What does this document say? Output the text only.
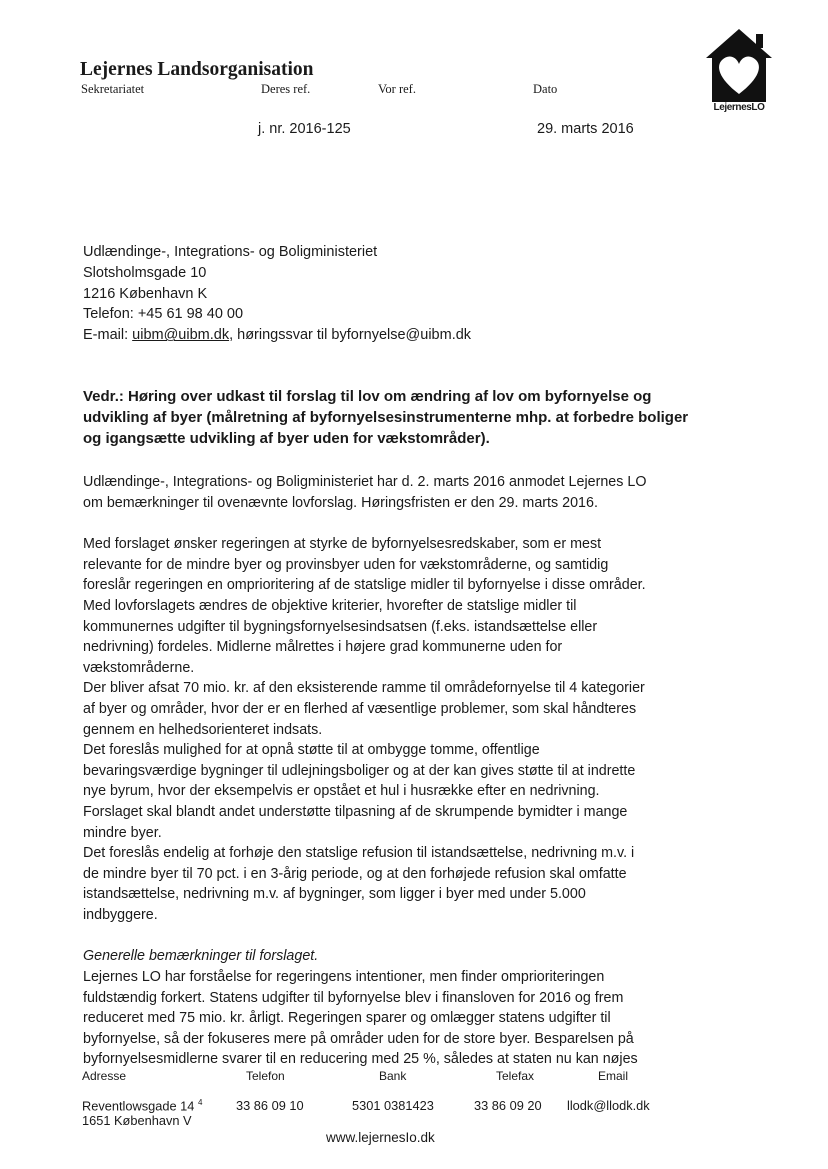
Lejernes Landsorganisation
Sekretariatet	Deres ref.	Vor ref.	Dato
LejernesLO
j. nr. 2016-125	29. marts 2016
Udlændinge-, Integrations- og Boligministeriet
Slotsholmsgade 10
1216 København K
Telefon: +45 61 98 40 00
E-mail: uibm@uibm.dk, høringssvar til byfornyelse@uibm.dk
Vedr.: Høring over udkast til forslag til lov om ændring af lov om byfornyelse og udvikling af byer (målretning af byfornyelsesinstrumenterne mhp. at forbedre boliger og igangsætte udvikling af byer uden for vækstområder).

Udlændinge-, Integrations- og Boligministeriet har d. 2. marts 2016 anmodet Lejernes LO
om bemærkninger til ovenævnte lovforslag. Høringsfristen er den 29. marts 2016.

Med forslaget ønsker regeringen at styrke de byfornyelsesredskaber, som er mest
relevante for de mindre byer og provinsbyer uden for vækstområderne, og samtidig
foreslår regeringen en omprioritering af de statslige midler til byfornyelse i disse områder.

Med lovforslagets ændres de objektive kriterier, hvorefter de statslige midler til
kommunernes udgifter til bygningsfornyelsesindsatsen (f.eks. istandsættelse eller
nedrivning) fordeles. Midlerne målrettes i højere grad kommunerne uden for
vækstområderne.

Der bliver afsat 70 mio. kr. af den eksisterende ramme til områdefornyelse til 4 kategorier
af byer og områder, hvor der er en flerhed af væsentlige problemer, som skal håndteres
gennem en helhedsorienteret indsats.

Det foreslås mulighed for at opnå støtte til at ombygge tomme, offentlige
bevaringsværdige bygninger til udlejningsboliger og at der kan gives støtte til at indrette
nye byrum, hvor der eksempelvis er opstået et hul i husrække efter en nedrivning.

Forslaget skal blandt andet understøtte tilpasning af de skrumpende bymidter i mange
mindre byer.

Det foreslås endelig at forhøje den statslige refusion til istandsættelse, nedrivning m.v. i
de mindre byer til 70 pct. i en 3-årig periode, og at den forhøjede refusion skal omfatte
istandsættelse, nedrivning m.v. af bygninger, som ligger i byer med under 5.000
indbyggere.

Generelle bemærkninger til forslaget.

Lejernes LO har forståelse for regeringens intentioner, men finder omprioriteringen
fuldstændig forkert. Statens udgifter til byfornyelse blev i finansloven for 2016 og frem
reduceret med 75 mio. kr. årligt. Regeringen sparer og omlægger statens udgifter til
byfornyelse, så der fokuseres mere på områder uden for de store byer. Besparelsen på
byfornyelsesmidlerne svarer til en reducering med 25 %, således at staten nu kan nøjes

Adresse	Telefon	Bank	Telefax	Email
Reventlowsgade 14 $^4$
1651 København V
33 86 09 10	5301 0381423	33 86 09 20 llodk@llodk.dk
www.lejernesIo.dk
